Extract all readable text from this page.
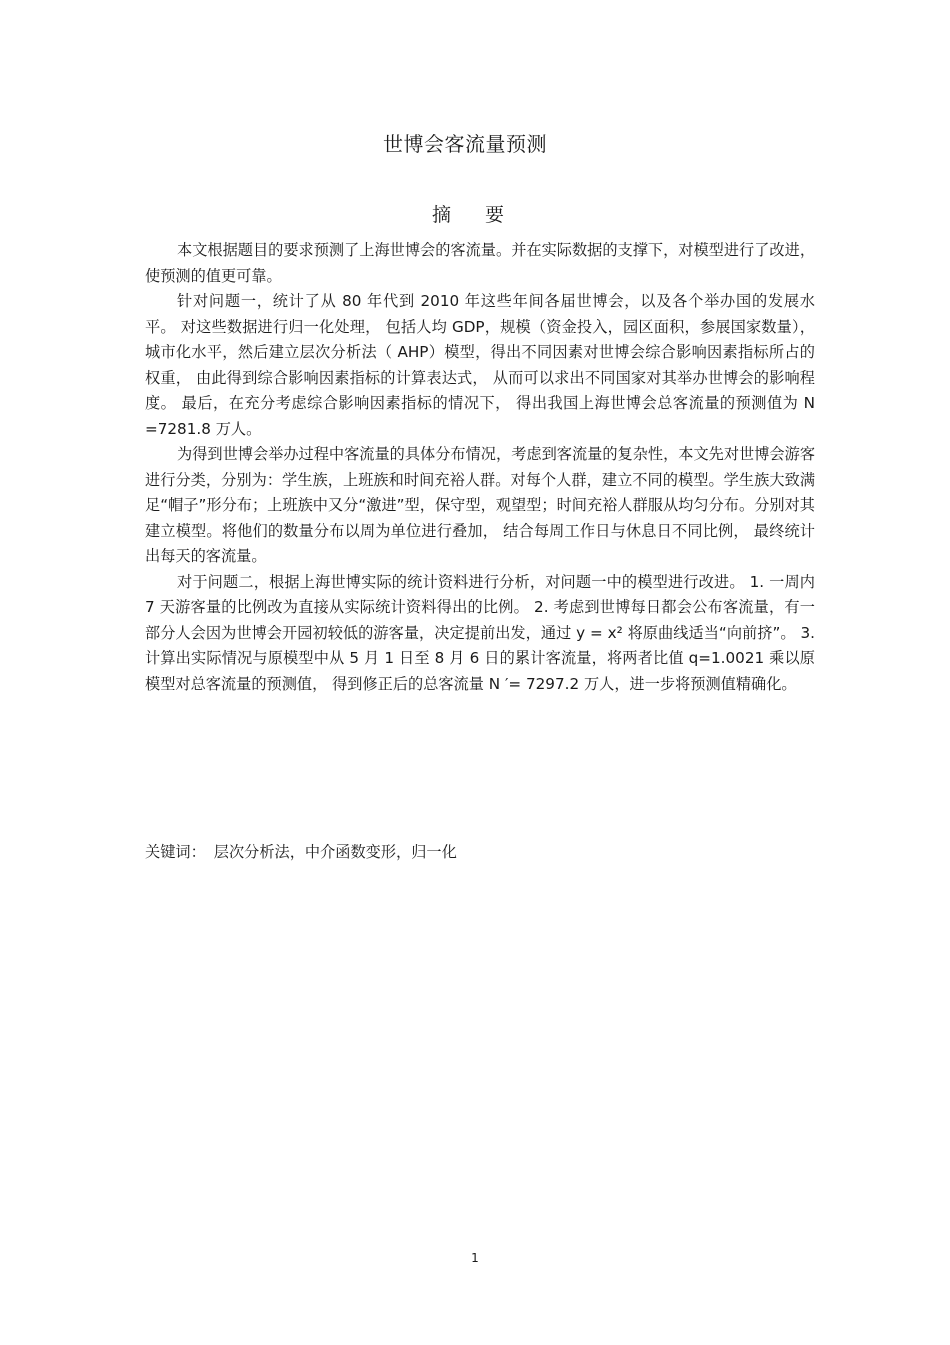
世博会客流量预测
摘 要

本文根据题目的要求预测了上海世博会的客流量。并在实际数据的支撑下，对模型进行了改进，使预测的值更可靠。

针对问题一，统计了从 80 年代到 2010 年这些年间各届世博会，以及各个举办国的发展水平。 对这些数据进行归一化处理， 包括人均 GDP，规模（资金投入，园区面积，参展国家数量），城市化水平，然后建立层次分析法（ AHP）模型，得出不同因素对世博会综合影响因素指标所占的权重， 由此得到综合影响因素指标的计算表达式， 从而可以求出不同国家对其举办世博会的影响程度。 最后，在充分考虑综合影响因素指标的情况下， 得出我国上海世博会总客流量的预测值为 N =7281.8 万人。

为得到世博会举办过程中客流量的具体分布情况，考虑到客流量的复杂性，本文先对世博会游客进行分类，分别为：学生族，上班族和时间充裕人群。对每个人群，建立不同的模型。学生族大致满足“帽子”形分布；上班族中又分“激进”型，保守型，观望型；时间充裕人群服从均匀分布。分别对其建立模型。将他们的数量分布以周为单位进行叠加， 结合每周工作日与休息日不同比例， 最终统计出每天的客流量。

对于问题二，根据上海世博实际的统计资料进行分析，对问题一中的模型进行改进。 1. 一周内 7 天游客量的比例改为直接从实际统计资料得出的比例。 2. 考虑到世博每日都会公布客流量，有一部分人会因为世博会开园初较低的游客量，决定提前出发，通过 y = x² 将原曲线适当“向前挤”。 3. 计算出实际情况与原模型中从 5 月 1 日至 8 月 6 日的累计客流量，将两者比值 q=1.0021 乘以原模型对总客流量的预测值， 得到修正后的总客流量 N ′= 7297.2 万人，进一步将预测值精确化。

关键词： 层次分析法，中介函数变形，归一化
1
